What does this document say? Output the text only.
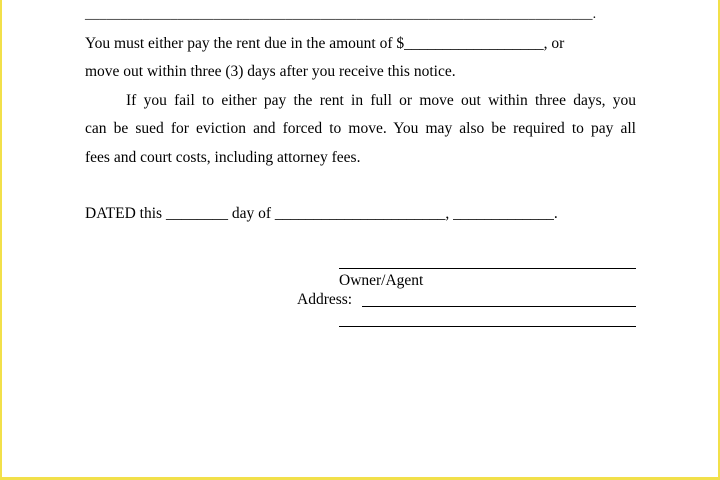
_______________________________________________________________________.
You must either pay the rent due in the amount of $__________________, or
move out within three (3) days after you receive this notice.
If you fail to either pay the rent in full or move out within three days, you
can be sued for eviction and forced to move. You may also be required to pay all
fees and court costs, including attorney fees.
DATED this ________ day of ______________________, _____________.
Owner/Agent
Address:
